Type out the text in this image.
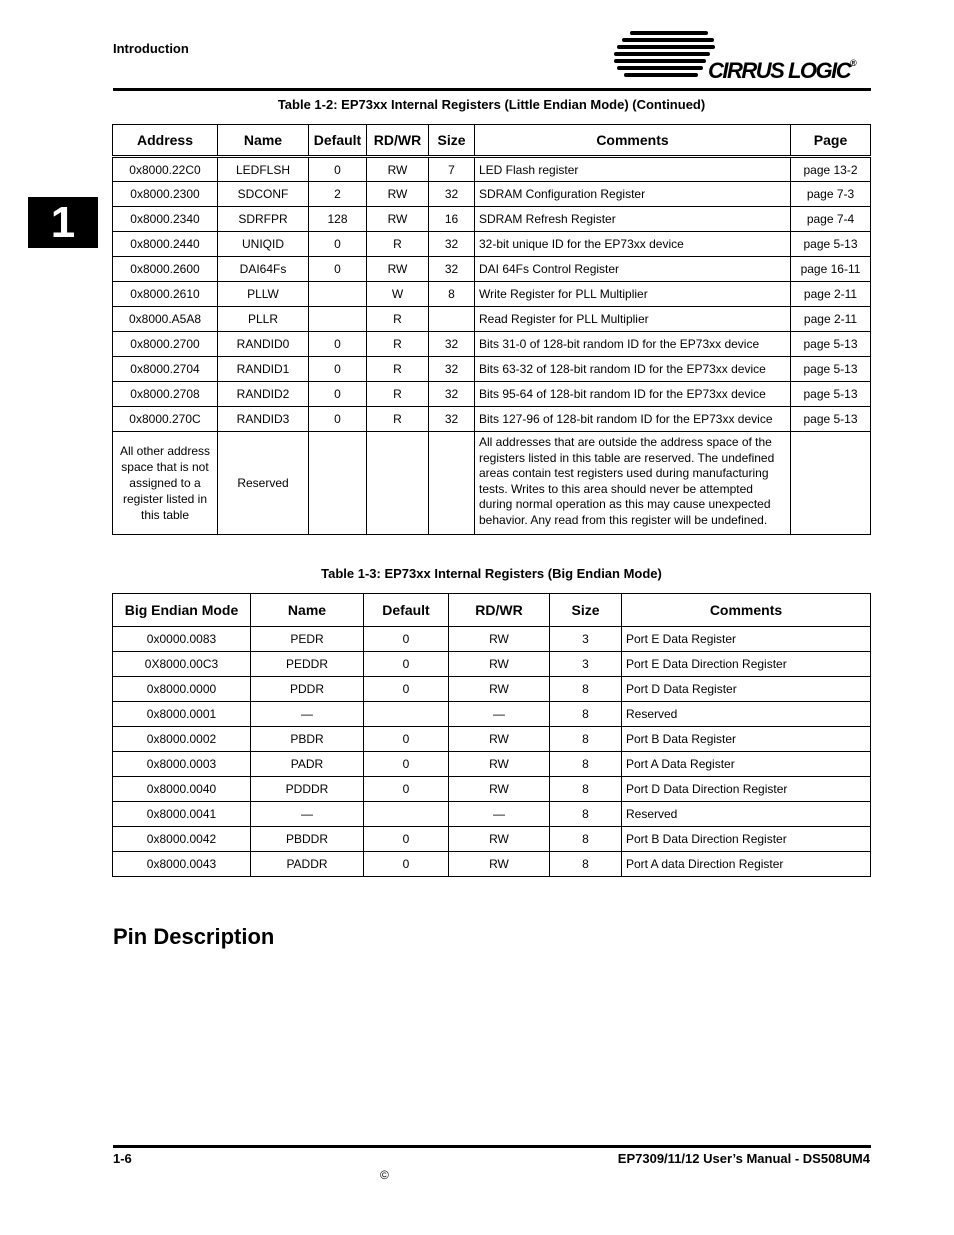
Introduction
CIRRUS LOGIC®
1
Table 1-2: EP73xx Internal Registers (Little Endian Mode) (Continued)
Address	Name	Default	RD/WR	Size	Comments	Page
0x8000.22C0	LEDFLSH	0	RW	7	LED Flash register	page 13-2
0x8000.2300	SDCONF	2	RW	32	SDRAM Configuration Register	page 7-3
0x8000.2340	SDRFPR	128	RW	16	SDRAM Refresh Register	page 7-4
0x8000.2440	UNIQID	0	R	32	32-bit unique ID for the EP73xx device	page 5-13
0x8000.2600	DAI64Fs	0	RW	32	DAI 64Fs Control Register	page 16-11
0x8000.2610	PLLW		W	8	Write Register for PLL Multiplier	page 2-11
0x8000.A5A8	PLLR		R		Read Register for PLL Multiplier	page 2-11
0x8000.2700	RANDID0	0	R	32	Bits 31-0 of 128-bit random ID for the EP73xx device	page 5-13
0x8000.2704	RANDID1	0	R	32	Bits 63-32 of 128-bit random ID for the EP73xx device	page 5-13
0x8000.2708	RANDID2	0	R	32	Bits 95-64 of 128-bit random ID for the EP73xx device	page 5-13
0x8000.270C	RANDID3	0	R	32	Bits 127-96 of 128-bit random ID for the EP73xx device	page 5-13
All other address space that is not assigned to a register listed in this table	Reserved				All addresses that are outside the address space of the registers listed in this table are reserved. The undefined areas contain test registers used during manufacturing tests. Writes to this area should never be attempted during normal operation as this may cause unexpected behavior. Any read from this register will be undefined.	
Table 1-3: EP73xx Internal Registers (Big Endian Mode)
Big Endian Mode	Name	Default	RD/WR	Size	Comments
0x0000.0083	PEDR	0	RW	3	Port E Data Register
0X8000.00C3	PEDDR	0	RW	3	Port E Data Direction Register
0x8000.0000	PDDR	0	RW	8	Port D Data Register
0x8000.0001	—		—	8	Reserved
0x8000.0002	PBDR	0	RW	8	Port B Data Register
0x8000.0003	PADR	0	RW	8	Port A Data Register
0x8000.0040	PDDDR	0	RW	8	Port D Data Direction Register
0x8000.0041	—		—	8	Reserved
0x8000.0042	PBDDR	0	RW	8	Port B Data Direction Register
0x8000.0043	PADDR	0	RW	8	Port A data Direction Register
Pin Description
1-6	EP7309/11/12 User’s Manual - DS508UM4
©
